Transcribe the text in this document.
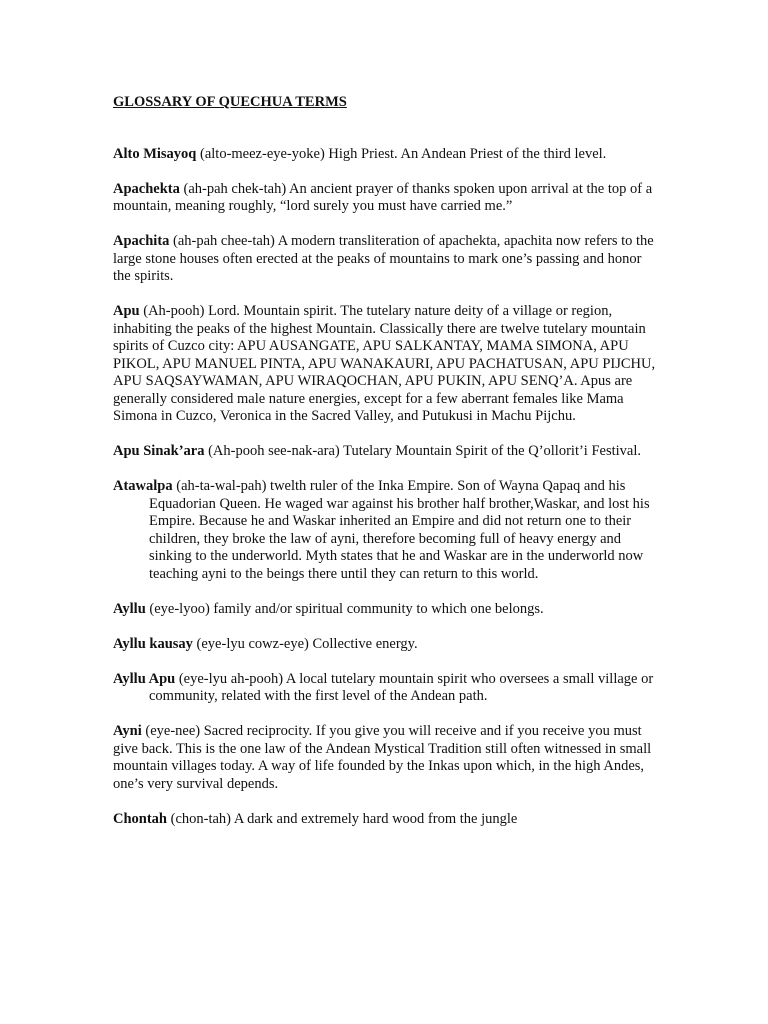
GLOSSARY OF QUECHUA TERMS

Alto Misayoq (alto-meez-eye-yoke) High Priest. An Andean Priest of the third level.

Apachekta (ah-pah chek-tah) An ancient prayer of thanks spoken upon arrival at the top of a mountain, meaning roughly, “lord surely you must have carried me.”

Apachita (ah-pah chee-tah) A modern transliteration of apachekta, apachita now refers to the large stone houses often erected at the peaks of mountains to mark one’s passing and honor the spirits.

Apu (Ah-pooh) Lord. Mountain spirit. The tutelary nature deity of a village or region, inhabiting the peaks of the highest Mountain. Classically there are twelve tutelary mountain spirits of Cuzco city: APU AUSANGATE, APU SALKANTAY, MAMA SIMONA, APU PIKOL, APU MANUEL PINTA, APU WANAKAURI, APU PACHATUSAN, APU PIJCHU, APU SAQSAYWAMAN, APU WIRAQOCHAN, APU PUKIN, APU SENQ’A. Apus are generally considered male nature energies, except for a few aberrant females like Mama Simona in Cuzco, Veronica in the Sacred Valley, and Putukusi in Machu Pijchu.

Apu Sinak’ara (Ah-pooh see-nak-ara) Tutelary Mountain Spirit of the Q’ollorit’i Festival.

Atawalpa (ah-ta-wal-pah) twelth ruler of the Inka Empire. Son of Wayna Qapaq and his Equadorian Queen. He waged war against his brother half brother,Waskar, and lost his Empire. Because he and Waskar inherited an Empire and did not return one to their children, they broke the law of ayni, therefore becoming full of heavy energy and sinking to the underworld. Myth states that he and Waskar are in the underworld now teaching ayni to the beings there until they can return to this world.

Ayllu (eye-lyoo) family and/or spiritual community to which one belongs.

Ayllu kausay (eye-lyu cowz-eye) Collective energy.

Ayllu Apu (eye-lyu ah-pooh) A local tutelary mountain spirit who oversees a small village or community, related with the first level of the Andean path.

Ayni (eye-nee) Sacred reciprocity. If you give you will receive and if you receive you must give back. This is the one law of the Andean Mystical Tradition still often witnessed in small mountain villages today. A way of life founded by the Inkas upon which, in the high Andes, one’s very survival depends.

Chontah (chon-tah) A dark and extremely hard wood from the jungle
